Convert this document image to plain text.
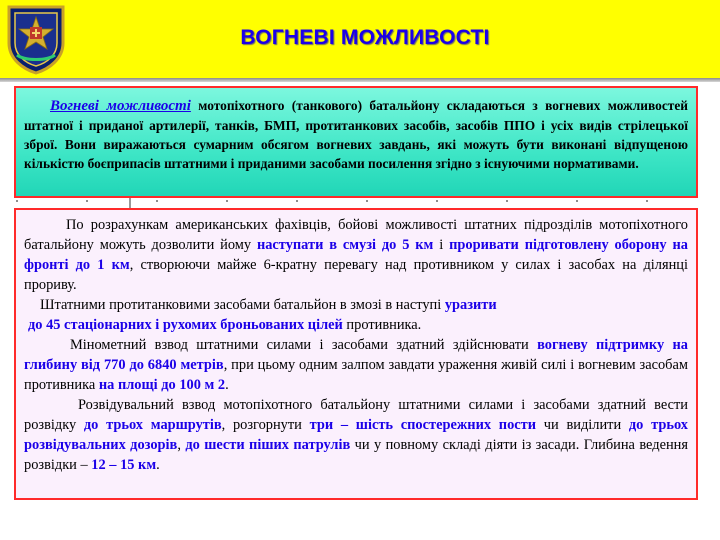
ВОГНЕВІ МОЖЛИВОСТІ
Вогневі можливості мотопіхотного (танкового) батальйону складаються з вогневих можливостей штатної і приданої артилерії, танків, БМП, протитанкових засобів, засобів ППО і усіх видів стрілецької зброї. Вони виражаються сумарним обсягом вогневих завдань, які можуть бути виконані відпущеною кількістю боєприпасів штатними і приданими засобами посилення згідно з існуючими нормативами.

По розрахункам американських фахівців, бойові можливості штатних підрозділів мотопіхотного батальйону можуть дозволити йому наступати в смузі до 5 км і проривати підготовлену оборону на фронті до 1 км, створюючи майже 6-кратну перевагу над противником у силах і засобах на ділянці прориву.

Штатними протитанковими засобами батальйон в змозі в наступі уразити

до 45 стаціонарних і рухомих броньованих цілей противника.

Мінометний взвод штатними силами і засобами здатний здійснювати вогневу підтримку на глибину від 770 до 6840 метрів, при цьому одним залпом завдати ураження живій силі і вогневим засобам противника на площі до 100 м 2.

Розвідувальний взвод мотопіхотного батальйону штатними силами і засобами здатний вести розвідку до трьох маршрутів, розгорнути три – шість спостережних пости чи виділити до трьох розвідувальних дозорів, до шести піших патрулів чи у повному складі діяти із засади. Глибина ведення розвідки – 12 – 15 км.
